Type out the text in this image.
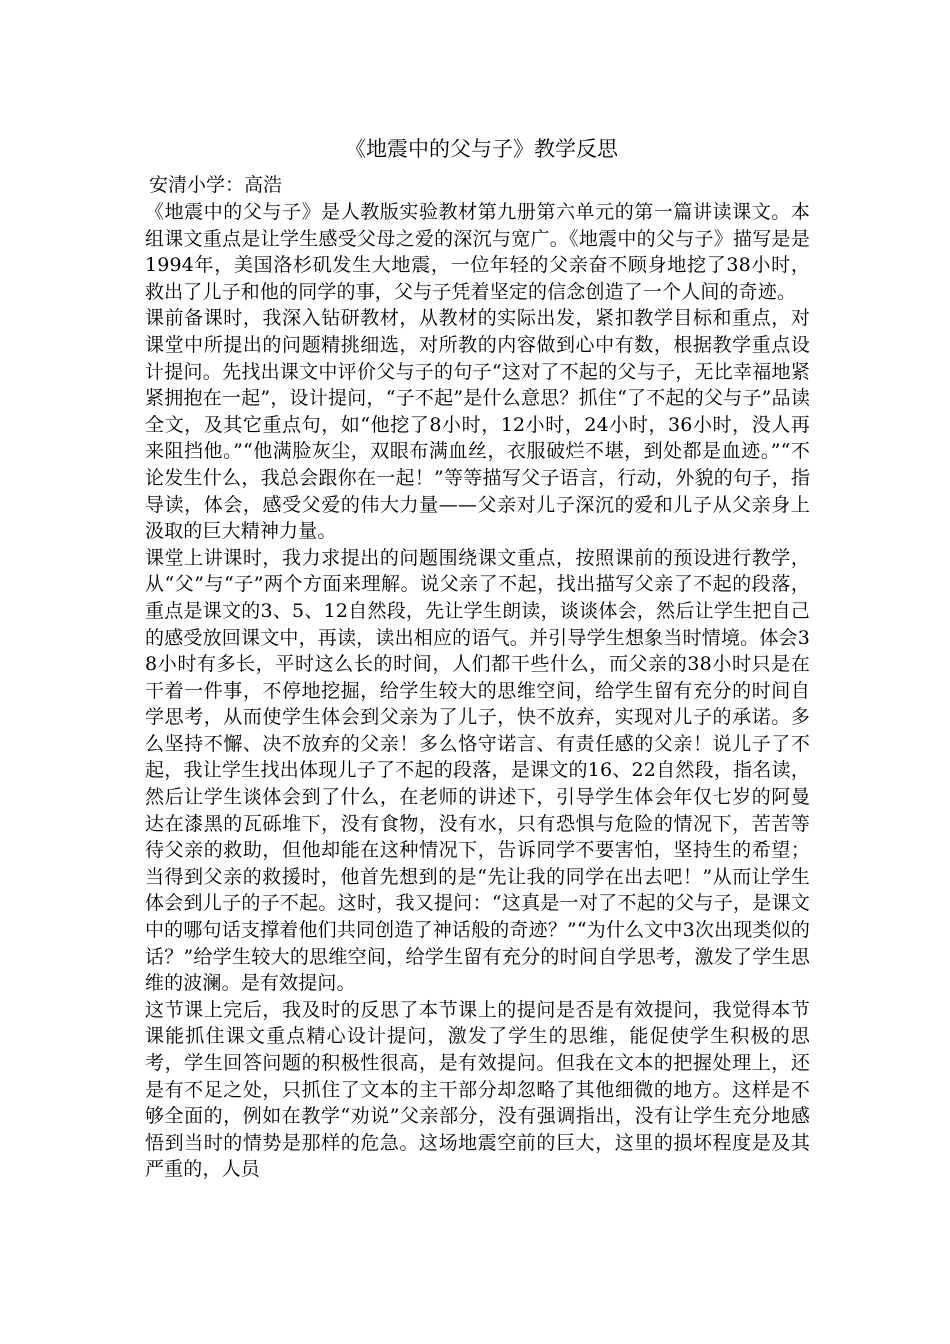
《地震中的父与子》教学反思
安清小学：高浩

《地震中的父与子》是人教版实验教材第九册第六单元的第一篇讲读课文。本组课文重点是让学生感受父母之爱的深沉与宽广。《地震中的父与子》描写是是1994年，美国洛杉矶发生大地震，一位年轻的父亲奋不顾身地挖了38小时，救出了儿子和他的同学的事，父与子凭着坚定的信念创造了一个人间的奇迹。

课前备课时，我深入钻研教材，从教材的实际出发，紧扣教学目标和重点，对课堂中所提出的问题精挑细选，对所教的内容做到心中有数，根据教学重点设计提问。先找出课文中评价父与子的句子“这对了不起的父与子，无比幸福地紧紧拥抱在一起”，设计提问，“子不起”是什么意思？抓住“了不起的父与子”品读全文，及其它重点句，如“他挖了8小时，12小时，24小时，36小时，没人再来阻挡他。”“他满脸灰尘，双眼布满血丝，衣服破烂不堪，到处都是血迹。”“不论发生什么，我总会跟你在一起！”等等描写父子语言，行动，外貌的句子，指导读，体会，感受父爱的伟大力量——父亲对儿子深沉的爱和儿子从父亲身上汲取的巨大精神力量。

课堂上讲课时，我力求提出的问题围绕课文重点，按照课前的预设进行教学，从“父”与“子”两个方面来理解。说父亲了不起，找出描写父亲了不起的段落，重点是课文的3、5、12自然段，先让学生朗读，谈谈体会，然后让学生把自己的感受放回课文中，再读，读出相应的语气。并引导学生想象当时情境。体会38小时有多长，平时这么长的时间，人们都干些什么，而父亲的38小时只是在干着一件事，不停地挖掘，给学生较大的思维空间，给学生留有充分的时间自学思考，从而使学生体会到父亲为了儿子，快不放弃，实现对儿子的承诺。多么坚持不懈、决不放弃的父亲！多么恪守诺言、有责任感的父亲！说儿子了不起，我让学生找出体现儿子了不起的段落，是课文的16、22自然段，指名读，然后让学生谈体会到了什么，在老师的讲述下，引导学生体会年仅七岁的阿曼达在漆黑的瓦砾堆下，没有食物，没有水，只有恐惧与危险的情况下，苦苦等待父亲的救助，但他却能在这种情况下，告诉同学不要害怕，坚持生的希望；当得到父亲的救援时，他首先想到的是“先让我的同学在出去吧！”从而让学生体会到儿子的子不起。这时，我又提问：“这真是一对了不起的父与子，是课文中的哪句话支撑着他们共同创造了神话般的奇迹？”“为什么文中3次出现类似的话？”给学生较大的思维空间，给学生留有充分的时间自学思考，激发了学生思维的波澜。是有效提问。

这节课上完后，我及时的反思了本节课上的提问是否是有效提问，我觉得本节课能抓住课文重点精心设计提问，激发了学生的思维，能促使学生积极的思考，学生回答问题的积极性很高，是有效提问。但我在文本的把握处理上，还是有不足之处，只抓住了文本的主干部分却忽略了其他细微的地方。这样是不够全面的，例如在教学“劝说”父亲部分，没有强调指出，没有让学生充分地感悟到当时的情势是那样的危急。这场地震空前的巨大，这里的损坏程度是及其严重的，人员
